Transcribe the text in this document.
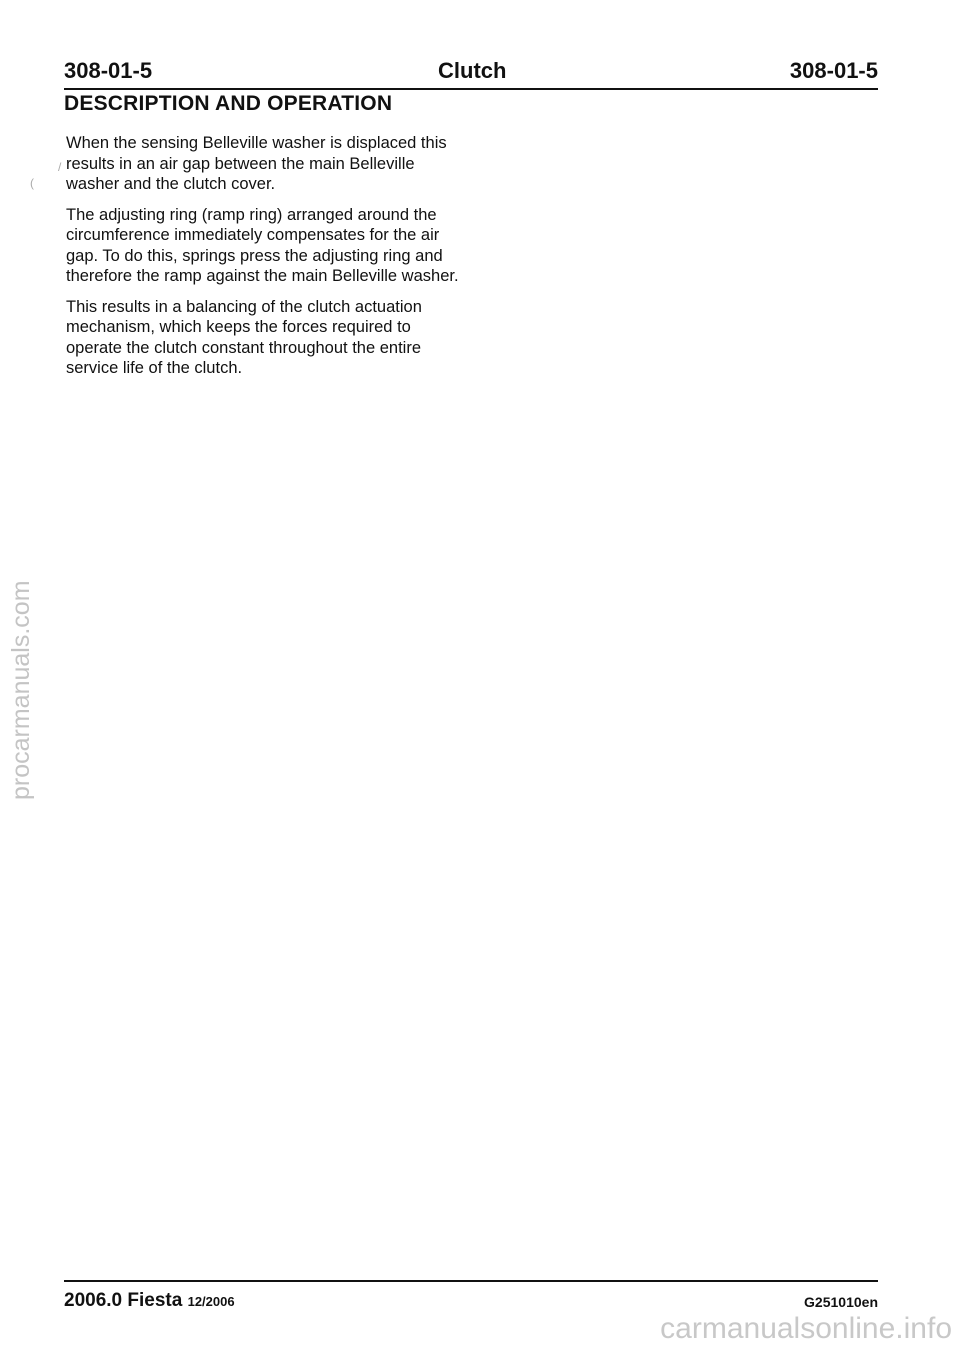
308-01-5	Clutch	308-01-5
DESCRIPTION AND OPERATION

When the sensing Belleville washer is displaced this results in an air gap between the main Belleville washer and the clutch cover.

The adjusting ring (ramp ring) arranged around the circumference immediately compensates for the air gap. To do this, springs press the adjusting ring and therefore the ramp against the main Belleville washer.

This results in a balancing of the clutch actuation mechanism, which keeps the forces required to operate the clutch constant throughout the entire service life of the clutch.

/
(
procarmanuals.com
2006.0 Fiesta 12/2006	G251010en
carmanualsonline.info
